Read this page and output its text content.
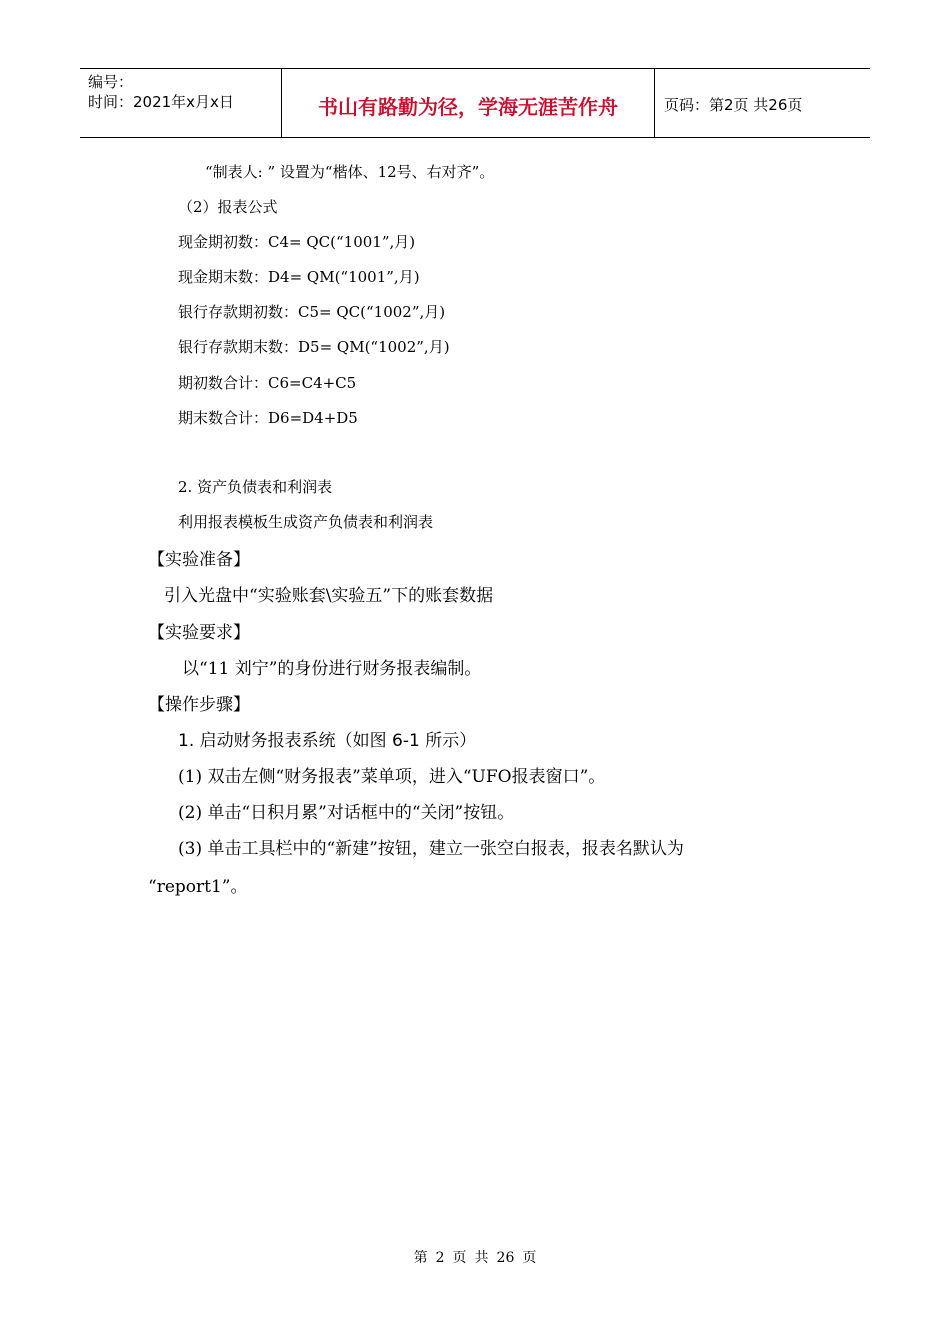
编号：
时间：2021年x月x日	书山有路勤为径，学海无涯苦作舟	页码：第2页 共26页
“制表人: ” 设置为“楷体、12号、右对齐”。
（2）报表公式
现金期初数：C4= QC(“1001”,月)
现金期末数：D4= QM(“1001”,月)
银行存款期初数：C5= QC(“1002”,月)
银行存款期末数：D5= QM(“1002”,月)
期初数合计：C6=C4+C5
期末数合计：D6=D4+D5
2. 资产负债表和利润表
利用报表模板生成资产负债表和利润表
【实验准备】
引入光盘中“实验账套\实验五”下的账套数据
【实验要求】
以“11 刘宁”的身份进行财务报表编制。
【操作步骤】
1. 启动财务报表系统（如图 6-1 所示）
(1) 双击左侧“财务报表”菜单项，进入“UFO报表窗口”。
(2) 单击“日积月累”对话框中的“关闭”按钮。
(3) 单击工具栏中的“新建”按钮，建立一张空白报表，报表名默认为
“report1”。
第 2 页 共 26 页
